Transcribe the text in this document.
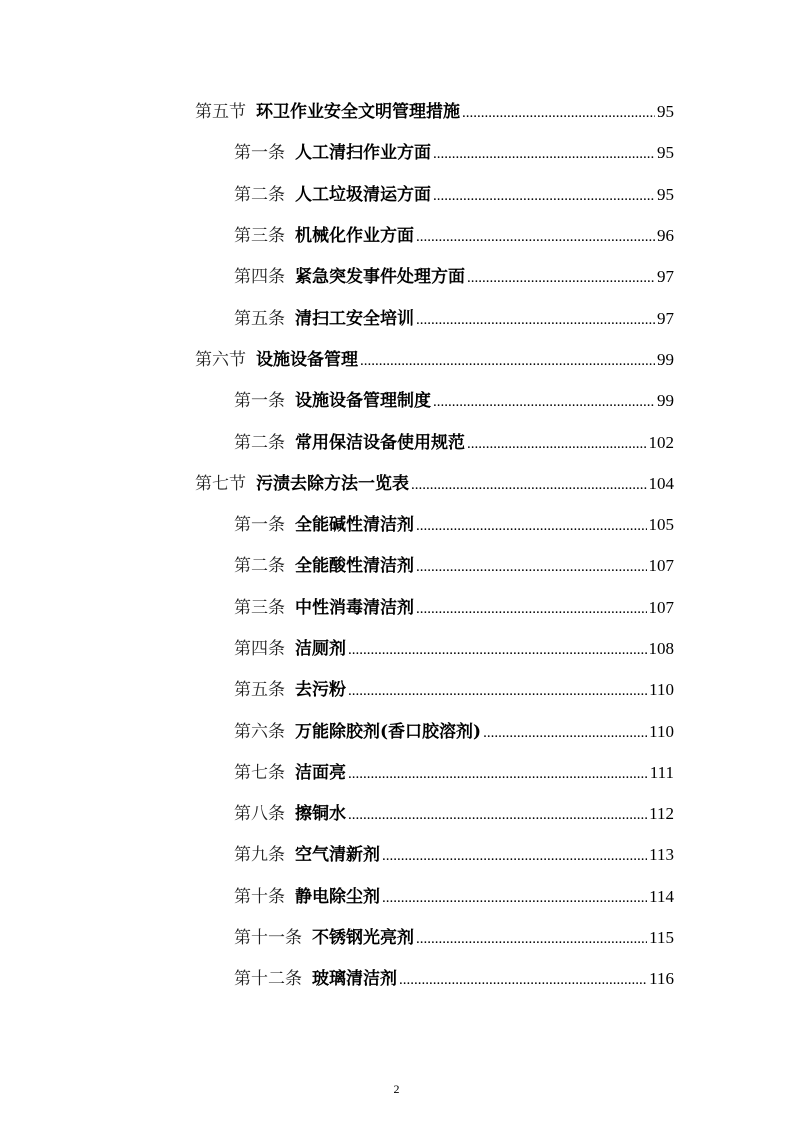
第五节 环卫作业安全文明管理措施 .....	95
第一条 人工清扫作业方面 .....	95
第二条 人工垃圾清运方面 .....	95
第三条 机械化作业方面 .....	96
第四条 紧急突发事件处理方面 .....	97
第五条 清扫工安全培训 .....	97
第六节 设施设备管理 .....	99
第一条 设施设备管理制度 .....	99
第二条 常用保洁设备使用规范 .....	102
第七节 污渍去除方法一览表 .....	104
第一条 全能碱性清洁剂 .....	105
第二条 全能酸性清洁剂 .....	107
第三条 中性消毒清洁剂 .....	107
第四条 洁厕剂 .....	108
第五条 去污粉 .....	110
第六条 万能除胶剂(香口胶溶剂) .....	110
第七条 洁面亮 .....	111
第八条 擦铜水 .....	112
第九条 空气清新剂 .....	113
第十条 静电除尘剂 .....	114
第十一条 不锈钢光亮剂 .....	115
第十二条 玻璃清洁剂 .....	116
2
